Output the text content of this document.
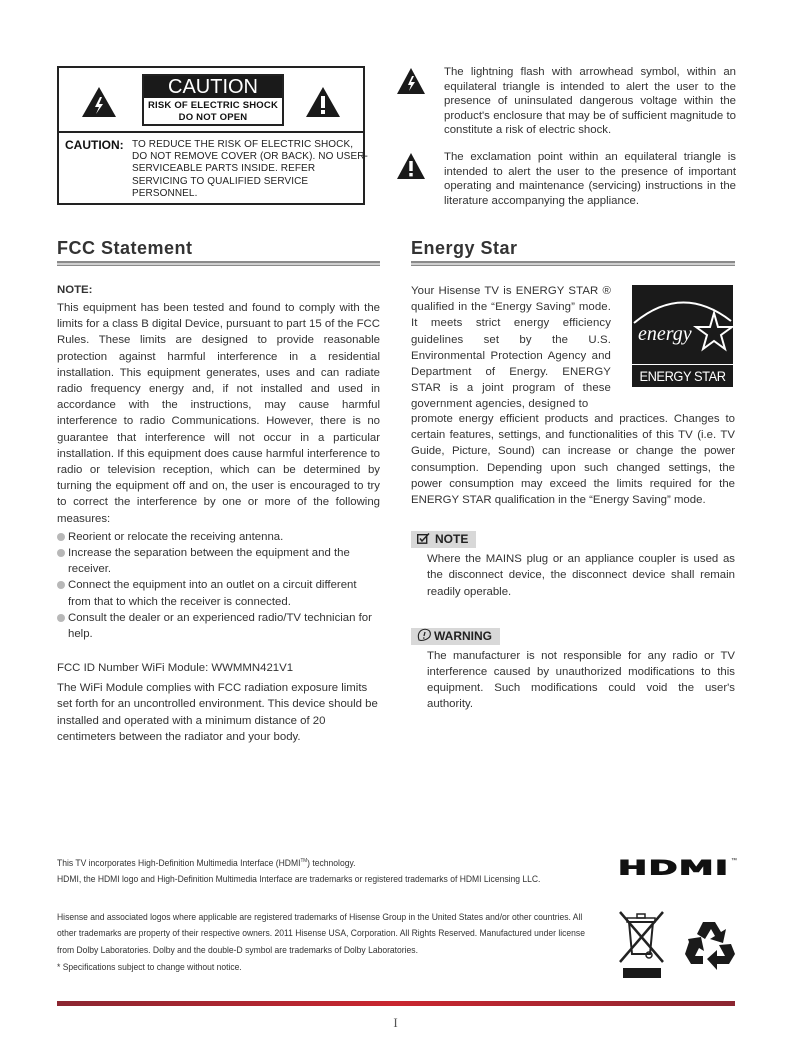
CAUTION
RISK OF ELECTRIC SHOCK
DO NOT OPEN
CAUTION: TO REDUCE THE RISK OF ELECTRIC SHOCK, DO NOT REMOVE COVER (OR BACK). NO USER-SERVICEABLE PARTS INSIDE. REFER SERVICING TO QUALIFIED SERVICE PERSONNEL.
The lightning flash with arrowhead symbol, within an equilateral triangle is intended to alert the user to the presence of uninsulated dangerous voltage within the product's enclosure that may be of sufficient magnitude to constitute a risk of electric shock.
The exclamation point within an equilateral triangle is intended to alert the user to the presence of important operating and maintenance (servicing) instructions in the literature accompanying the appliance.
FCC Statement
NOTE:
This equipment has been tested and found to comply with the limits for a class B digital Device, pursuant to part 15 of the FCC Rules. These limits are designed to provide reasonable protection against harmful interference in a residential installation. This equipment generates, uses and can radiate radio frequency energy and, if not installed and used in accordance with the instructions, may cause harmful interference to radio Communications. However, there is no guarantee that interference will not occur in a particular installation. If this equipment does cause harmful interference to radio or television reception, which can be determined by turning the equipment off and on, the user is encouraged to try to correct the interference by one or more of the following measures:
Reorient or relocate the receiving antenna.
Increase the separation between the equipment and the receiver.
Connect the equipment into an outlet on a circuit different from that to which the receiver is connected.
Consult the dealer or an experienced radio/TV technician for help.
FCC ID Number WiFi Module: WWMMN421V1
The WiFi Module complies with FCC radiation exposure limits set forth for an uncontrolled environment. This device should be installed and operated with a minimum distance of 20 centimeters between the radiator and your body.
Energy Star
Your Hisense TV is ENERGY STAR ® qualified in the “Energy Saving” mode. It meets strict energy efficiency guidelines set by the U.S. Environmental Protection Agency and Department of Energy. ENERGY STAR is a joint program of these government agencies, designed to
energy
ENERGY STAR
promote energy efficient products and practices. Changes to certain features, settings, and functionalities of this TV (i.e. TV Guide, Picture, Sound) can increase or change the power consumption. Depending upon such changed settings, the power consumption may exceed the limits required for the ENERGY STAR qualification in the “Energy Saving” mode.
NOTE
Where the MAINS plug or an appliance coupler is used as the disconnect device, the disconnect device shall remain readily operable.
WARNING
The manufacturer is not responsible for any radio or TV interference caused by unauthorized modifications to this equipment. Such modifications could void the user's authority.
This TV incorporates High-Definition Multimedia Interface (HDMI™) technology.
HDMI, the HDMI logo and High-Definition Multimedia Interface are trademarks or registered trademarks of HDMI Licensing LLC.	HDMI ™
Hisense and associated logos where applicable are registered trademarks of Hisense Group in the United States and/or other countries. All other trademarks are property of their respective owners. 2011 Hisense USA, Corporation. All Rights Reserved. Manufactured under license from Dolby Laboratories. Dolby and the double-D symbol are trademarks of Dolby Laboratories.
* Specifications subject to change without notice.
I
